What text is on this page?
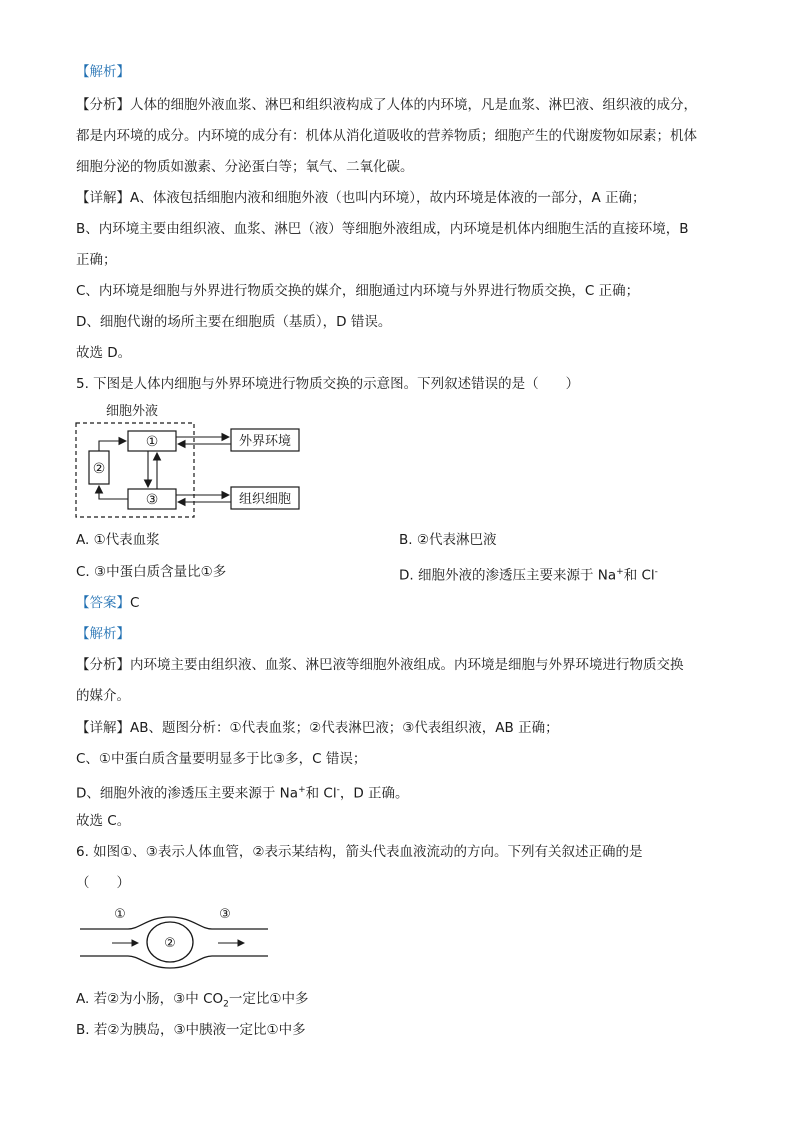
【解析】
【分析】人体的细胞外液血浆、淋巴和组织液构成了人体的内环境，凡是血浆、淋巴液、组织液的成分，
都是内环境的成分。内环境的成分有：机体从消化道吸收的营养物质；细胞产生的代谢废物如尿素；机体
细胞分泌的物质如激素、分泌蛋白等；氧气、二氧化碳。
【详解】A、体液包括细胞内液和细胞外液（也叫内环境），故内环境是体液的一部分，A 正确；
B、内环境主要由组织液、血浆、淋巴（液）等细胞外液组成，内环境是机体内细胞生活的直接环境，B
正确；
C、内环境是细胞与外界进行物质交换的媒介，细胞通过内环境与外界进行物质交换，C 正确；
D、细胞代谢的场所主要在细胞质（基质），D 错误。
故选 D。
5. 下图是人体内细胞与外界环境进行物质交换的示意图。下列叙述错误的是（　　）
细胞外液
①
②
③
外界环境
组织细胞
A. ①代表血浆	B. ②代表淋巴液
C. ③中蛋白质含量比①多	D. 细胞外液的渗透压主要来源于 Na+和 Cl-
【答案】C
【解析】
【分析】内环境主要由组织液、血浆、淋巴液等细胞外液组成。内环境是细胞与外界环境进行物质交换
的媒介。
【详解】AB、题图分析：①代表血浆；②代表淋巴液；③代表组织液，AB 正确；
C、①中蛋白质含量要明显多于比③多，C 错误；
D、细胞外液的渗透压主要来源于 Na+和 Cl-，D 正确。
故选 C。
6. 如图①、③表示人体血管，②表示某结构，箭头代表血液流动的方向。下列有关叙述正确的是
（　　）
①	③
②
A. 若②为小肠，③中 $CO_2$一定比①中多
B. 若②为胰岛，③中胰液一定比①中多
